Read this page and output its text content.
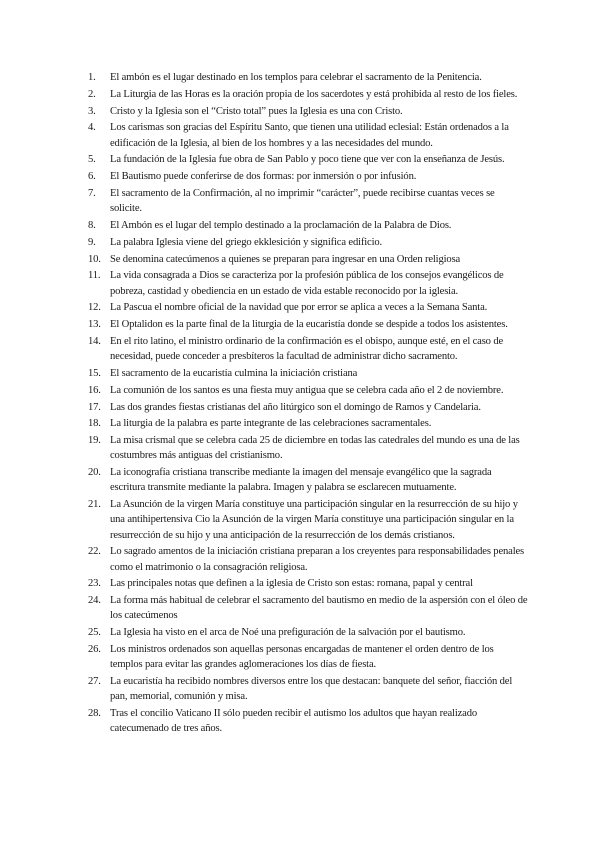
1.	El ambón es el lugar destinado en los templos para celebrar el sacramento de la Penitencia.
2.	La Liturgia de las Horas es la oración propia de los sacerdotes y está prohibida al resto de los fieles.
3.	Cristo y la Iglesia son el “Cristo total” pues la Iglesia es una con Cristo.
4.	Los carismas son gracias del Espíritu Santo, que tienen una utilidad eclesial: Están ordenados a la edificación de la Iglesia, al bien de los hombres y a las necesidades del mundo.
5.	La fundación de la Iglesia fue obra de San Pablo y poco tiene que ver con la enseñanza de Jesús.
6.	El Bautismo puede conferirse de dos formas: por inmersión o por infusión.
7.	El sacramento de la Confirmación, al no imprimir “carácter”, puede recibirse cuantas veces se solicite.
8.	El Ambón es el lugar del templo destinado a la proclamación de la Palabra de Dios.
9.	La palabra Iglesia viene del griego ekklesición y significa edificio.
10. Se denomina catecúmenos a quienes se preparan para ingresar en una Orden religiosa
11. La vida consagrada a Dios se caracteriza por la profesión pública de los consejos evangélicos de pobreza, castidad y obediencia en un estado de vida estable reconocido por la iglesia.
12. La Pascua el nombre oficial de la navidad que por error se aplica a veces a la Semana Santa.
13. El Optalidon es la parte final de la liturgia de la eucaristía donde se despide a todos los asistentes.
14. En el rito latino, el ministro ordinario de la confirmación es el obispo, aunque esté, en el caso de necesidad, puede conceder a presbíteros la facultad de administrar dicho sacramento.
15. El sacramento de la eucaristía culmina la iniciación cristiana
16. La comunión de los santos es una fiesta muy antigua que se celebra cada año el 2 de noviembre.
17. Las dos grandes fiestas cristianas del año litúrgico son el domingo de Ramos y Candelaria.
18. La liturgia de la palabra es parte integrante de las celebraciones sacramentales.
19. La misa crismal que se celebra cada 25 de diciembre en todas las catedrales del mundo es una de las costumbres más antiguas del cristianismo.
20. La iconografía cristiana transcribe mediante la imagen del mensaje evangélico que la sagrada escritura transmite mediante la palabra. Imagen y palabra se esclarecen mutuamente.
21. La Asunción de la virgen María constituye una participación singular en la resurrección de su hijo y una antihipertensiva Cio la Asunción de la virgen María constituye una participación singular en la resurrección de su hijo y una anticipación de la resurrección de los demás cristianos.
22. Lo sagrado amentos de la iniciación cristiana preparan a los creyentes para responsabilidades penales como el matrimonio o la consagración religiosa.
23. Las principales notas que definen a la iglesia de Cristo son estas: romana, papal y central
24. La forma más habitual de celebrar el sacramento del bautismo en medio de la aspersión con el óleo de los catecúmenos
25. La Iglesia ha visto en el arca de Noé una prefiguración de la salvación por el bautismo.
26. Los ministros ordenados son aquellas personas encargadas de mantener el orden dentro de los templos para evitar las grandes aglomeraciones los días de fiesta.
27. La eucaristía ha recibido nombres diversos entre los que destacan: banquete del señor, fiacción del pan, memorial, comunión y misa.
28. Tras el concilio Vaticano II sólo pueden recibir el autismo los adultos que hayan realizado catecumenado de tres años.
